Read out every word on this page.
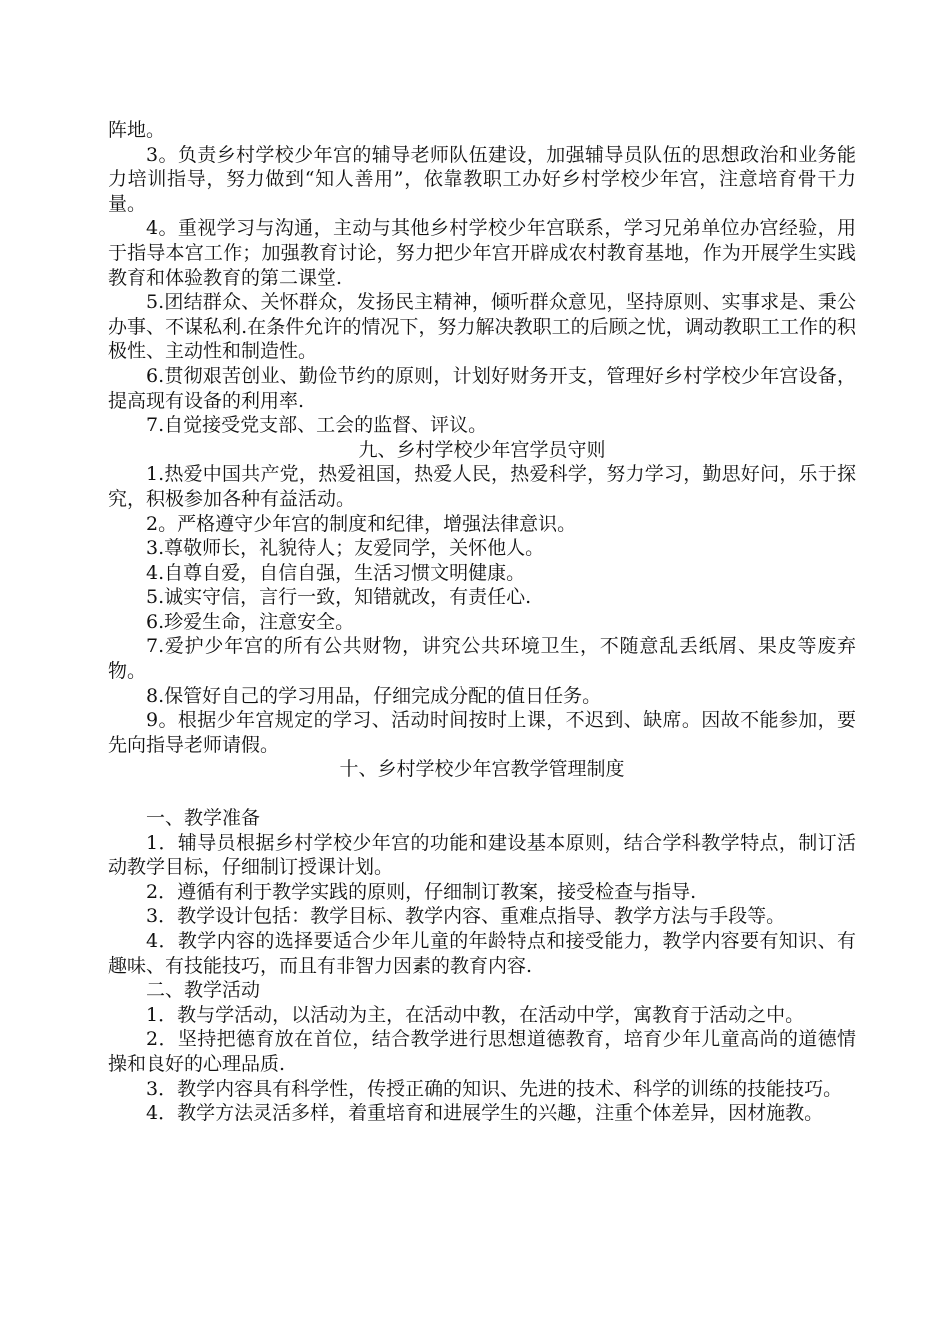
阵地。

3。负责乡村学校少年宫的辅导老师队伍建设，加强辅导员队伍的思想政治和业务能力培训指导，努力做到“知人善用”，依靠教职工办好乡村学校少年宫，注意培育骨干力量。

4。重视学习与沟通，主动与其他乡村学校少年宫联系，学习兄弟单位办宫经验，用于指导本宫工作；加强教育讨论，努力把少年宫开辟成农村教育基地，作为开展学生实践教育和体验教育的第二课堂.

5.团结群众、关怀群众，发扬民主精神，倾听群众意见，坚持原则、实事求是、秉公办事、不谋私利.在条件允许的情况下，努力解决教职工的后顾之忧，调动教职工工作的积极性、主动性和制造性。

6.贯彻艰苦创业、勤俭节约的原则，计划好财务开支，管理好乡村学校少年宫设备，提高现有设备的利用率.

7.自觉接受党支部、工会的监督、评议。

九、乡村学校少年宫学员守则

1.热爱中国共产党，热爱祖国，热爱人民，热爱科学，努力学习，勤思好问，乐于探究，积极参加各种有益活动。

2。严格遵守少年宫的制度和纪律，增强法律意识。

3.尊敬师长，礼貌待人；友爱同学，关怀他人。

4.自尊自爱，自信自强，生活习惯文明健康。

5.诚实守信，言行一致，知错就改，有责任心.

6.珍爱生命，注意安全。

7.爱护少年宫的所有公共财物，讲究公共环境卫生，不随意乱丢纸屑、果皮等废弃物。

8.保管好自己的学习用品，仔细完成分配的值日任务。

9。根据少年宫规定的学习、活动时间按时上课，不迟到、缺席。因故不能参加，要先向指导老师请假。

十、乡村学校少年宫教学管理制度

一、教学准备

1．辅导员根据乡村学校少年宫的功能和建设基本原则，结合学科教学特点，制订活动教学目标，仔细制订授课计划。

2．遵循有利于教学实践的原则，仔细制订教案，接受检查与指导.

3．教学设计包括：教学目标、教学内容、重难点指导、教学方法与手段等。

4．教学内容的选择要适合少年儿童的年龄特点和接受能力，教学内容要有知识、有趣味、有技能技巧，而且有非智力因素的教育内容.

二、教学活动

1．教与学活动，以活动为主，在活动中教，在活动中学，寓教育于活动之中。

2．坚持把德育放在首位，结合教学进行思想道德教育，培育少年儿童高尚的道德情操和良好的心理品质.

3．教学内容具有科学性，传授正确的知识、先进的技术、科学的训练的技能技巧。

4．教学方法灵活多样，着重培育和进展学生的兴趣，注重个体差异，因材施教。
